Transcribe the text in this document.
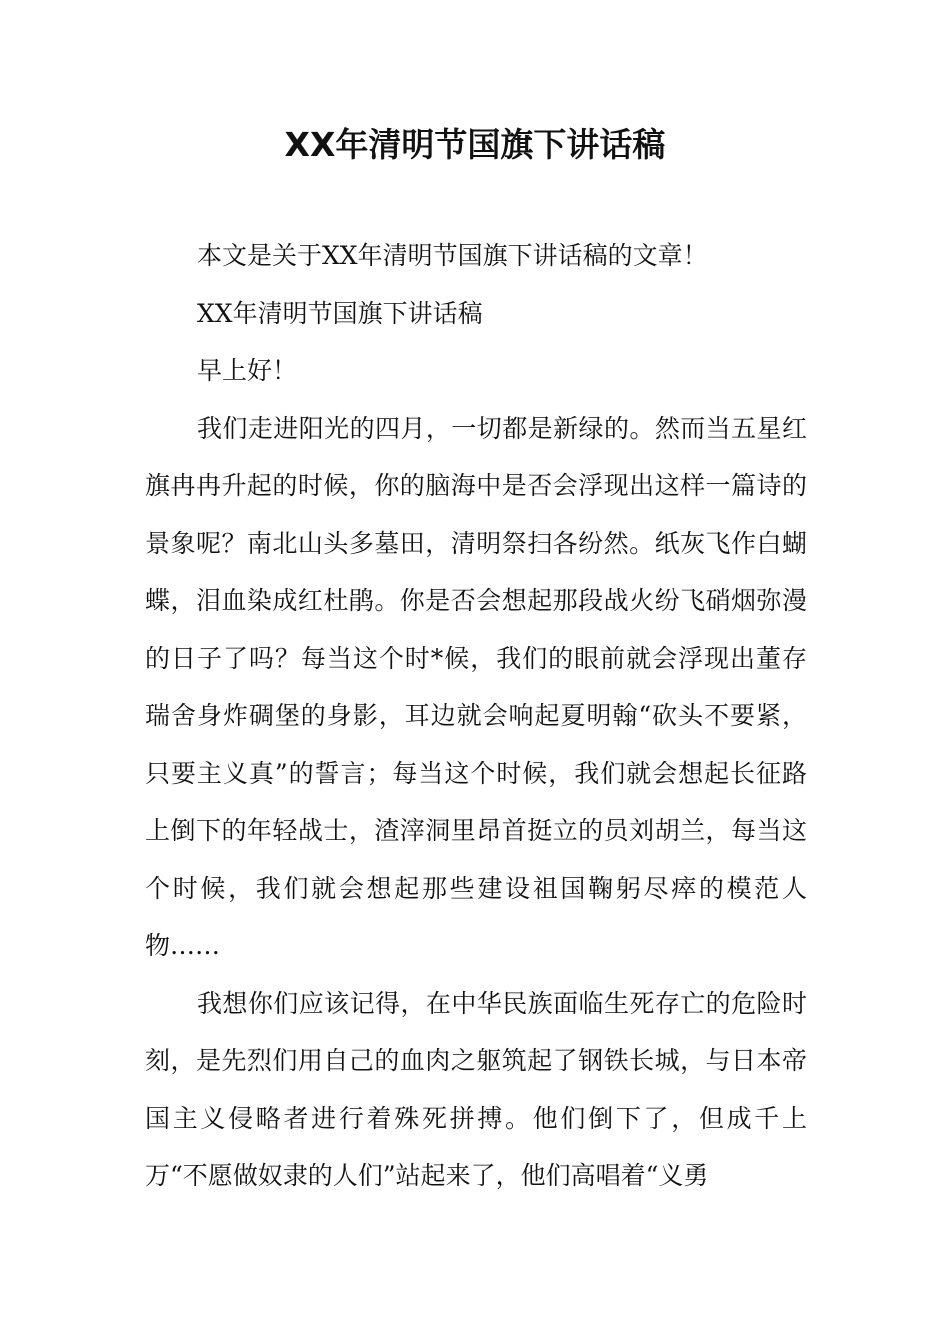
XX年清明节国旗下讲话稿

本文是关于XX年清明节国旗下讲话稿的文章！

XX年清明节国旗下讲话稿

早上好！

我们走进阳光的四月，一切都是新绿的。然而当五星红旗冉冉升起的时候，你的脑海中是否会浮现出这样一篇诗的景象呢？南北山头多墓田，清明祭扫各纷然。纸灰飞作白蝴蝶，泪血染成红杜鹃。你是否会想起那段战火纷飞硝烟弥漫的日子了吗？每当这个时*候，我们的眼前就会浮现出董存瑞舍身炸碉堡的身影，耳边就会响起夏明翰“砍头不要紧，只要主义真”的誓言；每当这个时候，我们就会想起长征路上倒下的年轻战士，渣滓洞里昂首挺立的员刘胡兰，每当这个时候，我们就会想起那些建设祖国鞠躬尽瘁的模范人物……

我想你们应该记得，在中华民族面临生死存亡的危险时刻，是先烈们用自己的血肉之躯筑起了钢铁长城，与日本帝国主义侵略者进行着殊死拼搏。他们倒下了，但成千上万“不愿做奴隶的人们”站起来了，他们高唱着“义勇
